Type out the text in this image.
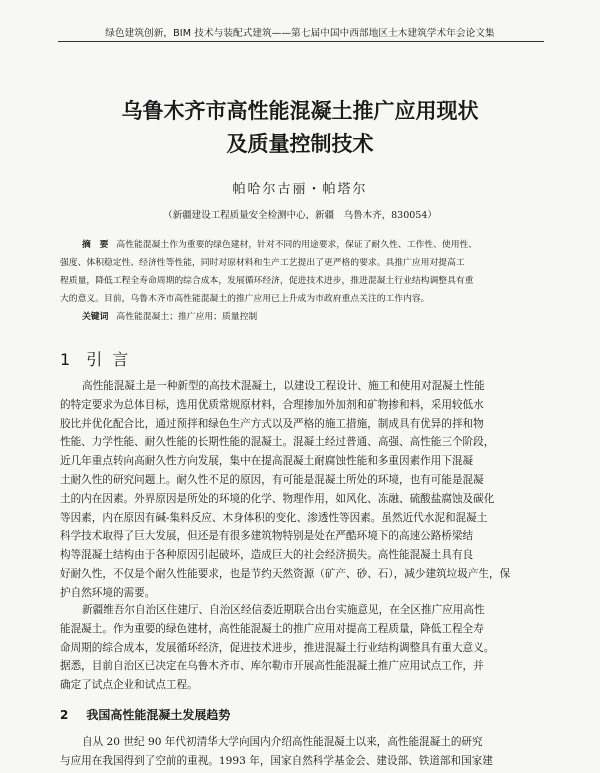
绿色建筑创新，BIM 技术与装配式建筑——第七届中国中西部地区土木建筑学术年会论文集
乌鲁木齐市高性能混凝土推广应用现状
及质量控制技术
帕哈尔古丽・帕塔尔
（新疆建设工程质量安全检测中心，新疆　乌鲁木齐，830054）

摘　要 高性能混凝土作为重要的绿色建材，针对不同的用途要求，保证了耐久性、工作性、使用性、

强度、体积稳定性、经济性等性能，同时对原材料和生产工艺提出了更严格的要求。具推广应用对提高工

程质量，降低工程全寿命周期的综合成本，发展循环经济，促进技术进步，推进混凝土行业结构调整具有重

大的意义。目前，乌鲁木齐市高性能混凝土的推广应用已上升成为市政府重点关注的工作内容。

关键词 高性能混凝土；推广应用；质量控制

1 引言

高性能混凝土是一种新型的高技术混凝土，以建设工程设计、施工和使用对混凝土性能

的特定要求为总体目标，选用优质常规原材料，合理掺加外加剂和矿物掺和料，采用较低水

胶比并优化配合比，通过预拌和绿色生产方式以及严格的施工措施，制成具有优异的拌和物

性能、力学性能、耐久性能的长期性能的混凝土。混凝土经过普通、高强、高性能三个阶段，

近几年重点转向高耐久性方向发展，集中在提高混凝土耐腐蚀性能和多重因素作用下混凝

土耐久性的研究问题上。耐久性不足的原因，有可能是混凝土所处的环境，也有可能是混凝

土的内在因素。外界原因是所处的环境的化学、物理作用，如风化、冻融、硫酸盐腐蚀及碳化

等因素，内在原因有碱-集料反应、木身体积的变化、渗透性等因素。虽然近代水泥和混凝土

科学技术取得了巨大发展，但还是有很多建筑物特别是处在严酷环境下的高速公路桥梁结

构等混凝土结构由于各种原因引起破坏，造成巨大的社会经济损失。高性能混凝土具有良

好耐久性，不仅是个耐久性能要求，也是节约天然资源（矿产、砂、石），减少建筑垃圾产生，保

护自然环境的需要。

新疆维吾尔自治区住建厅、自治区经信委近期联合出台实施意见，在全区推广应用高性

能混凝土。作为重要的绿色建材，高性能混凝土的推广应用对提高工程质量，降低工程全寿

命周期的综合成本，发展循环经济，促进技术进步，推进混凝土行业结构调整具有重大意义。

据悉，目前自治区已决定在乌鲁木齐市、库尔勒市开展高性能混凝土推广应用试点工作，并

确定了试点企业和试点工程。

2 我国高性能混凝土发展趋势

自从 20 世纪 90 年代初清华大学向国内介绍高性能混凝土以来，高性能混凝土的研究

与应用在我国得到了空前的重视。1993 年，国家自然科学基金会、建设部、铁道部和国家建
